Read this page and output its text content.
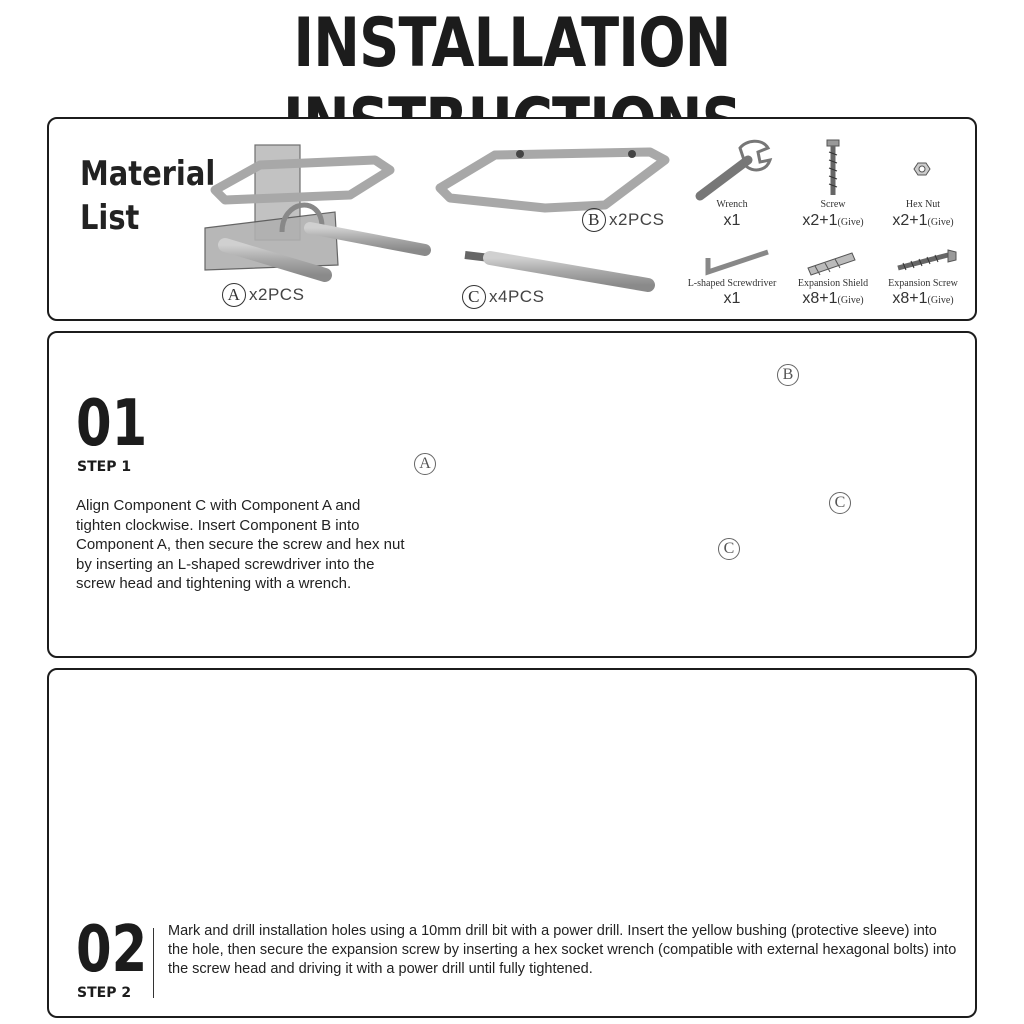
INSTALLATION
Material
List
A x2PCS
B x2PCS
C x4PCS
Wrench
x1
Screw
x2+1(Give)
Hex Nut
x2+1(Give)
L-shaped Screwdriver
x1
Expansion Shield
x8+1(Give)
Expansion Screw
x8+1(Give)
01
STEP 1
Align Component C with Component A and tighten clockwise. Insert Component B into Component A, then secure the screw and hex nut by inserting an L-shaped screwdriver into the screw head and tightening with a wrench.
A
B
C
C
02
STEP 2
Mark and drill installation holes using a 10mm drill bit with a power drill. Insert the yellow bushing (protective sleeve) into the hole, then secure the expansion screw by inserting a hex socket wrench (compatible with external hexagonal bolts) into the screw head and driving it with a power drill until fully tightened.
